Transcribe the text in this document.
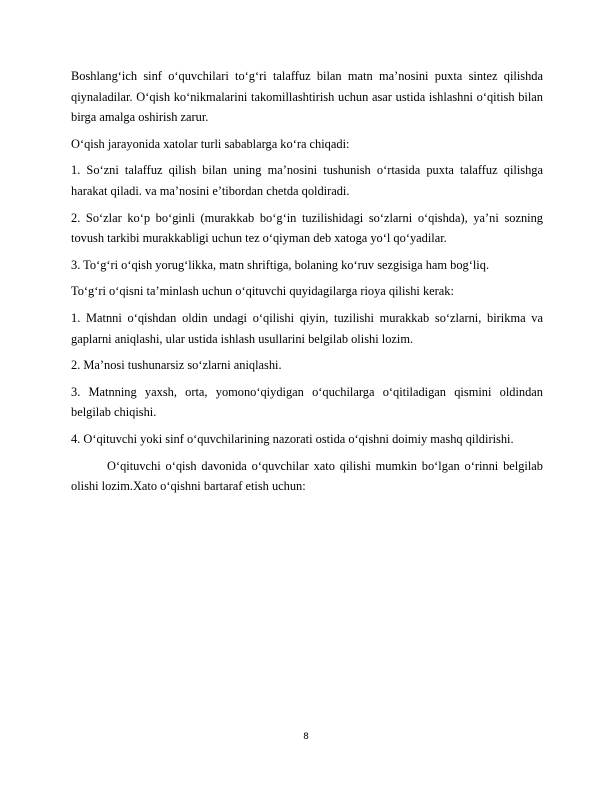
Boshlang‘ich sinf o‘quvchilari to‘g‘ri talaffuz bilan matn ma’nosini puxta sintez qilishda qiynaladilar. O‘qish ko‘nikmalarini takomillashtirish uchun asar ustida ishlashni o‘qitish bilan birga amalga oshirish zarur.

O‘qish jarayonida xatolar turli sabablarga ko‘ra chiqadi:

1. So‘zni talaffuz qilish bilan uning ma’nosini tushunish o‘rtasida puxta talaffuz qilishga harakat qiladi. va ma’nosini e’tibordan chetda qoldiradi.

2. So‘zlar ko‘p bo‘ginli (murakkab bo‘g‘in tuzilishidagi so‘zlarni o‘qishda), ya’ni sozning tovush tarkibi murakkabligi uchun tez o‘qiyman deb xatoga yo‘l qo‘yadilar.

3. To‘g‘ri o‘qish yorug‘likka, matn shriftiga, bolaning ko‘ruv sezgisiga ham bog‘liq.

To‘g‘ri o‘qisni ta’minlash uchun o‘qituvchi quyidagilarga rioya qilishi kerak:

1. Matnni o‘qishdan oldin undagi o‘qilishi qiyin, tuzilishi murakkab so‘zlarni, birikma va gaplarni aniqlashi, ular ustida ishlash usullarini belgilab olishi lozim.

2. Ma’nosi tushunarsiz so‘zlarni aniqlashi.

3. Matnning yaxsh, orta, yomono‘qiydigan o‘quchilarga o‘qitiladigan qismini oldindan belgilab chiqishi.

4. O‘qituvchi yoki sinf o‘quvchilarining nazorati ostida o‘qishni doimiy mashq qildirishi.

O‘qituvchi o‘qish davonida o‘quvchilar xato qilishi mumkin bo‘lgan o‘rinni belgilab olishi lozim.Xato o‘qishni bartaraf etish uchun:

8
